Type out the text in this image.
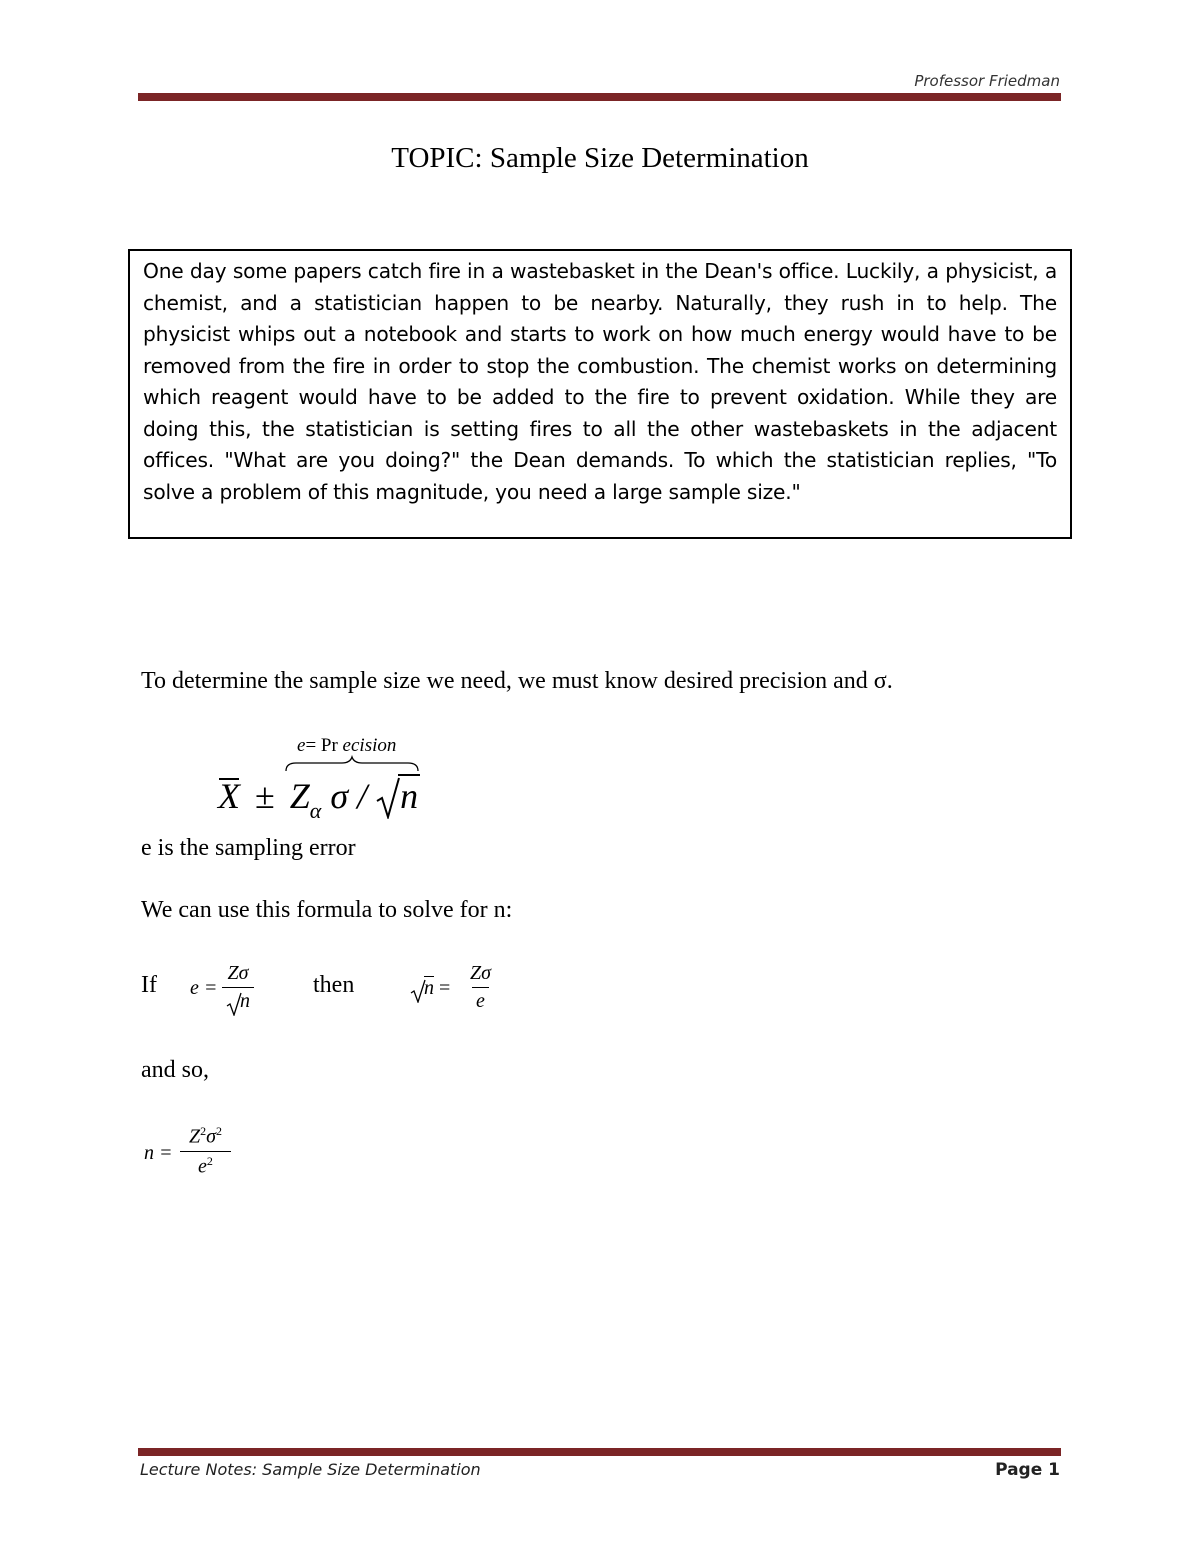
Professor Friedman
TOPIC: Sample Size Determination
One day some papers catch fire in a wastebasket in the Dean's office. Luckily, a physicist, a chemist, and a statistician happen to be nearby. Naturally, they rush in to help. The physicist whips out a notebook and starts to work on how much energy would have to be removed from the fire in order to stop the combustion. The chemist works on determining which reagent would have to be added to the fire to prevent oxidation. While they are doing this, the statistician is setting fires to all the other wastebaskets in the adjacent offices. "What are you doing?" the Dean demands. To which the statistician replies, "To solve a problem of this magnitude, you need a large sample size."
To determine the sample size we need, we must know desired precision and σ.
e= Pr ecision
$X \pm Z_\alpha$ σ / n
e is the sampling error
We can use this formula to solve for n:
If $e = \frac{Z\sigma}{n}$ then	$n = \frac{Z\sigma}{e}$
and so,
$n = \frac{Z^2\sigma^2}{e^2}$
Lecture Notes: Sample Size Determination	Page 1
